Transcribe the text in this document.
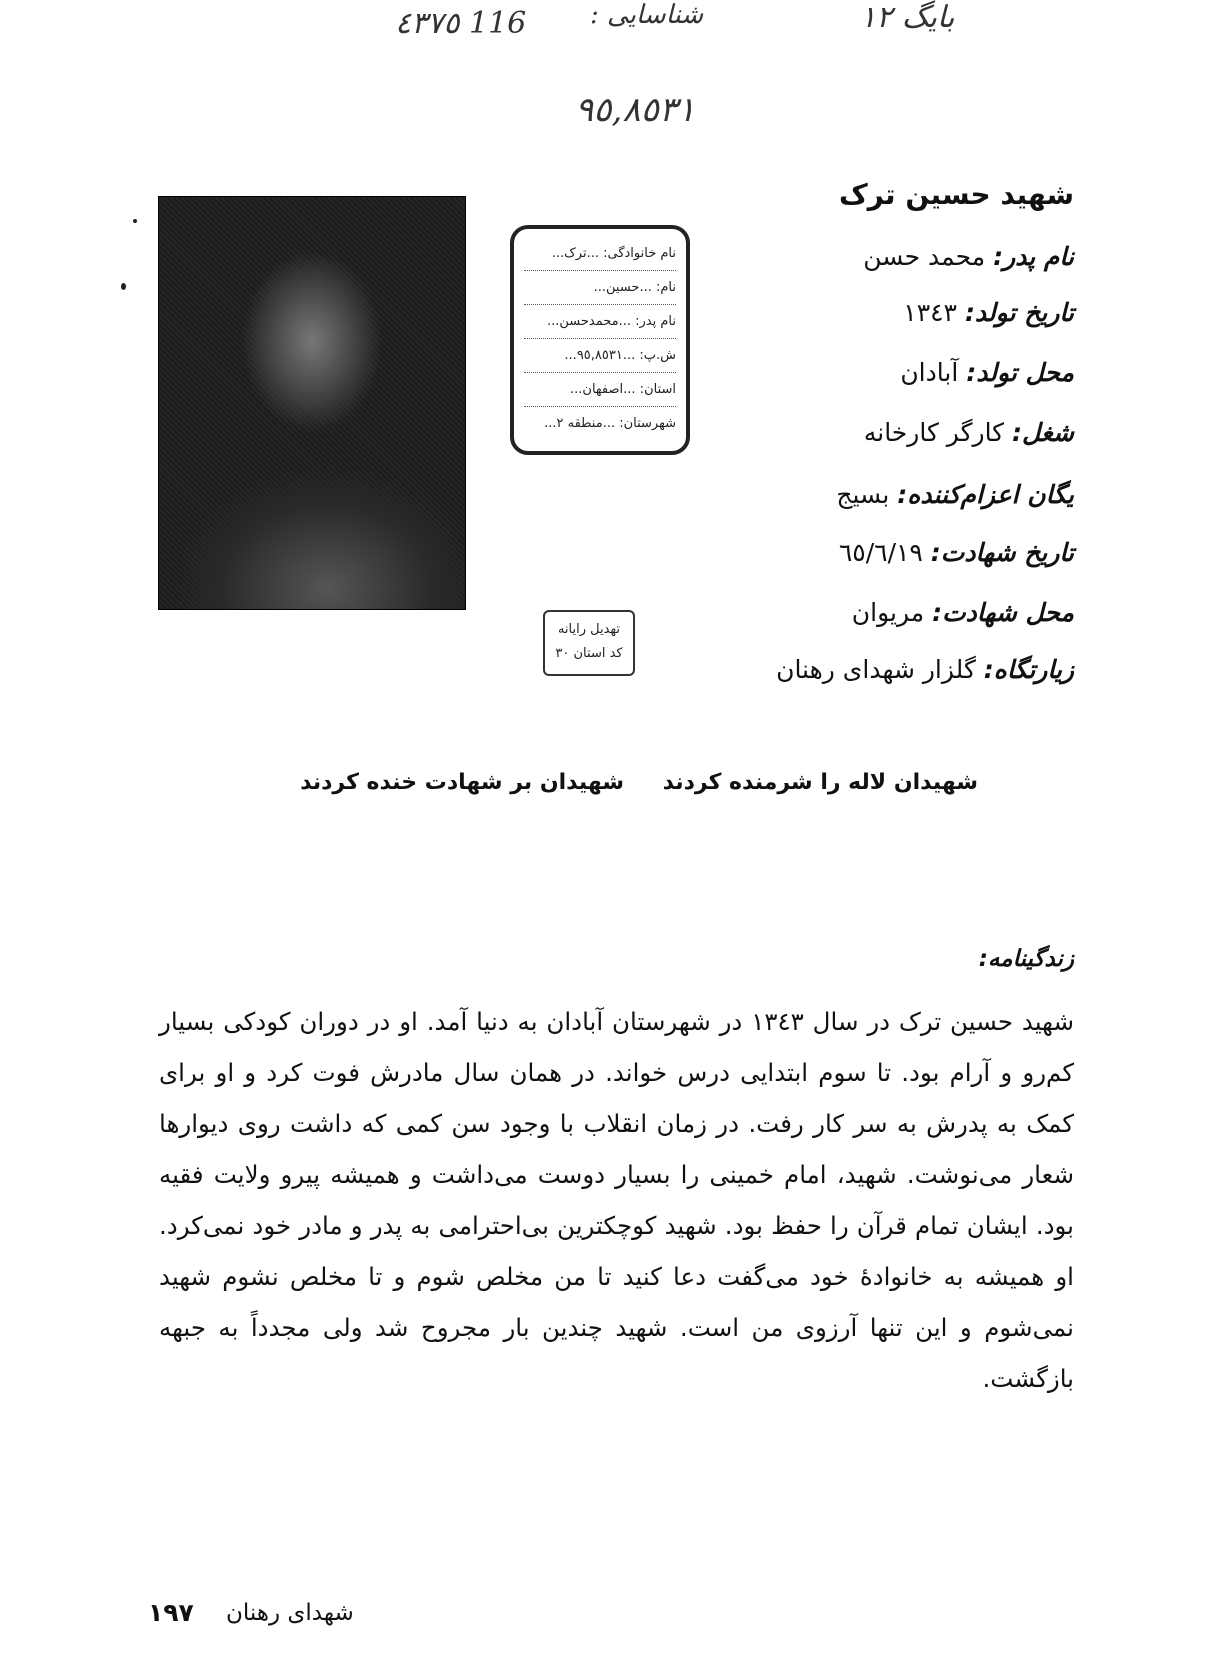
116 ٤٣٧٥ شناسایی :	بایگ ١٢
٩٥,٨٥٣١
نام خانوادگی: ...ترک...
نام: ...حسین...
نام پدر: ...محمدحسن...
ش.پ: ...٩٥,٨٥٣١...
استان: ...اصفهان...
شهرستان: ...منطقه ٢...
تهدیل رایانه
کد استان ٣٠
شهید حسین ترک
نام پدر: محمد حسن
تاریخ تولد: ١٣٤٣
محل تولد: آبادان
شغل: کارگر کارخانه
یگان اعزام‌کننده: بسیج
تاریخ شهادت: ٦٥/٦/١٩
محل شهادت: مریوان
زیارتگاه: گلزار شهدای رهنان
شهیدان لاله را شرمنده کردند
شهیدان بر شهادت خنده کردند
زندگینامه:
شهید حسین ترک در سال ١٣٤٣ در شهرستان آبادان به دنیا آمد. او در دوران کودکی بسیار کم‌رو و آرام بود. تا سوم ابتدایی درس خواند. در همان سال مادرش فوت کرد و او برای کمک به پدرش به سر کار رفت. در زمان انقلاب با وجود سن کمی که داشت روی دیوارها شعار می‌نوشت. شهید، امام خمینی را بسیار دوست می‌داشت و همیشه پیرو ولایت فقیه بود. ایشان تمام قرآن را حفظ بود. شهید کوچکترین بی‌احترامی به پدر و مادر خود نمی‌کرد. او همیشه به خانوادهٔ خود می‌گفت دعا کنید تا من مخلص شوم و تا مخلص نشوم شهید نمی‌شوم و این تنها آرزوی من است. شهید چندین بار مجروح شد ولی مجدداً به جبهه بازگشت.
شهدای رهنان
١٩٧
